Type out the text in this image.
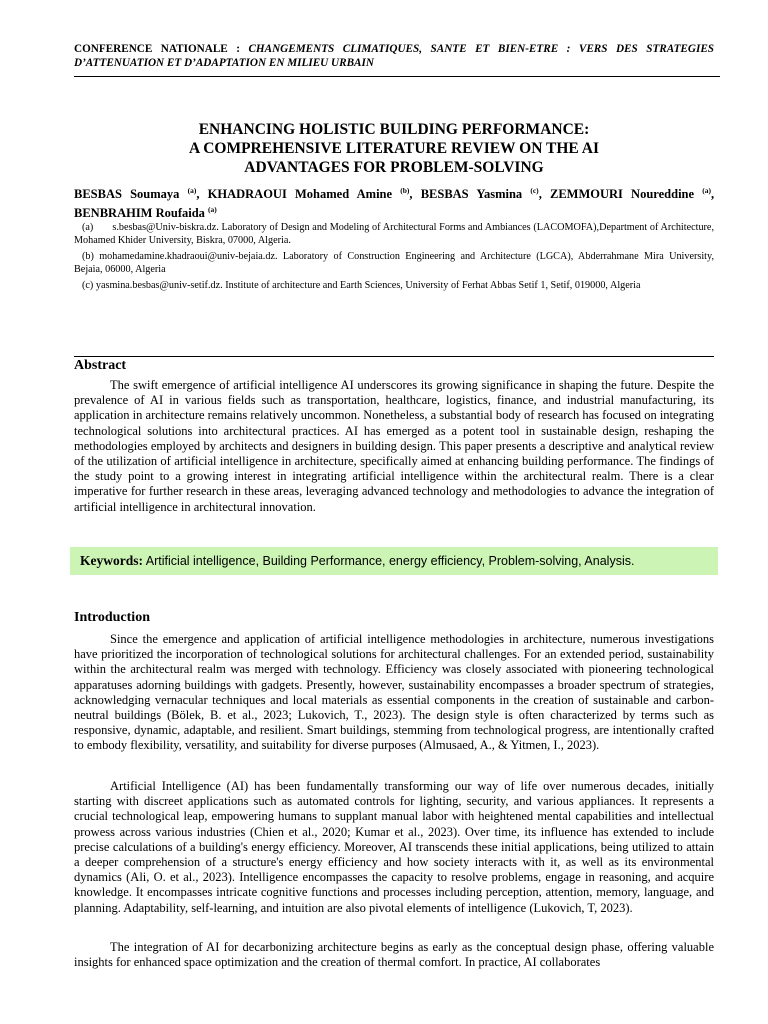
CONFERENCE NATIONALE : CHANGEMENTS CLIMATIQUES, SANTE ET BIEN-ETRE : VERS DES STRATEGIES D’ATTENUATION ET D’ADAPTATION EN MILIEU URBAIN
ENHANCING HOLISTIC BUILDING PERFORMANCE:
A COMPREHENSIVE LITERATURE REVIEW ON THE AI
ADVANTAGES FOR PROBLEM-SOLVING
BESBAS Soumaya $^{(a)}$, KHADRAOUI Mohamed Amine $^{(b)}$, BESBAS Yasmina $^{(c)}$, ZEMMOURI Noureddine $^{(a)}$, BENBRAHIM Roufaida $^{(a)}$
(a) s.besbas@Univ-biskra.dz. Laboratory of Design and Modeling of Architectural Forms and Ambiances (LACOMOFA),Department of Architecture, Mohamed Khider University, Biskra, 07000, Algeria.
(b) mohamedamine.khadraoui@univ-bejaia.dz. Laboratory of Construction Engineering and Architecture (LGCA), Abderrahmane Mira University, Bejaia, 06000, Algeria
(c) yasmina.besbas@univ-setif.dz. Institute of architecture and Earth Sciences, University of Ferhat Abbas Setif 1, Setif, 019000, Algeria
Abstract

The swift emergence of artificial intelligence AI underscores its growing significance in shaping the future. Despite the prevalence of AI in various fields such as transportation, healthcare, logistics, finance, and industrial manufacturing, its application in architecture remains relatively uncommon. Nonetheless, a substantial body of research has focused on integrating technological solutions into architectural practices. AI has emerged as a potent tool in sustainable design, reshaping the methodologies employed by architects and designers in building design. This paper presents a descriptive and analytical review of the utilization of artificial intelligence in architecture, specifically aimed at enhancing building performance. The findings of the study point to a growing interest in integrating artificial intelligence within the architectural realm. There is a clear imperative for further research in these areas, leveraging advanced technology and methodologies to advance the integration of artificial intelligence in architectural innovation.

Keywords: Artificial intelligence, Building Performance, energy efficiency, Problem-solving, Analysis.
Introduction

Since the emergence and application of artificial intelligence methodologies in architecture, numerous investigations have prioritized the incorporation of technological solutions for architectural challenges. For an extended period, sustainability within the architectural realm was merged with technology. Efficiency was closely associated with pioneering technological apparatuses adorning buildings with gadgets. Presently, however, sustainability encompasses a broader spectrum of strategies, acknowledging vernacular techniques and local materials as essential components in the creation of sustainable and carbon-neutral buildings (Bölek, B. et al., 2023; Lukovich, T., 2023). The design style is often characterized by terms such as responsive, dynamic, adaptable, and resilient. Smart buildings, stemming from technological progress, are intentionally crafted to embody flexibility, versatility, and suitability for diverse purposes (Almusaed, A., & Yitmen, I., 2023).

Artificial Intelligence (AI) has been fundamentally transforming our way of life over numerous decades, initially starting with discreet applications such as automated controls for lighting, security, and various appliances. It represents a crucial technological leap, empowering humans to supplant manual labor with heightened mental capabilities and intellectual prowess across various industries (Chien et al., 2020; Kumar et al., 2023). Over time, its influence has extended to include precise calculations of a building's energy efficiency. Moreover, AI transcends these initial applications, being utilized to attain a deeper comprehension of a structure's energy efficiency and how society interacts with it, as well as its environmental dynamics (Ali, O. et al., 2023). Intelligence encompasses the capacity to resolve problems, engage in reasoning, and acquire knowledge. It encompasses intricate cognitive functions and processes including perception, attention, memory, language, and planning. Adaptability, self-learning, and intuition are also pivotal elements of intelligence (Lukovich, T, 2023).

The integration of AI for decarbonizing architecture begins as early as the conceptual design phase, offering valuable insights for enhanced space optimization and the creation of thermal comfort. In practice, AI collaborates
